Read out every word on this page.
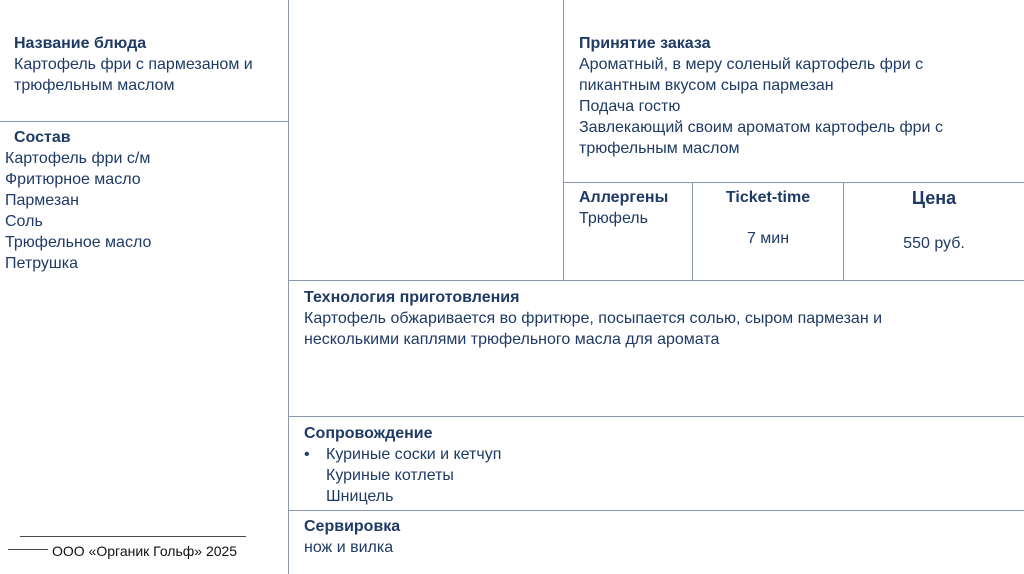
Название блюда
Картофель фри с пармезаном и
трюфельным маслом
Состав
Картофель фри с/м
Фритюрное масло
Пармезан
Соль
Трюфельное масло
Петрушка
Принятие заказа
Ароматный, в меру соленый картофель фри с
пикантным вкусом сыра пармезан
Подача гостю
Завлекающий своим ароматом картофель фри с
трюфельным маслом
Аллергены
Трюфель
Ticket-time
7 мин
Цена
550 руб.
Технология приготовления
Картофель обжаривается во фритюре, посыпается солью, сыром пармезан и
несколькими каплями трюфельного масла для аромата
Сопровождение
•	Куриные соски и кетчуп
Куриные котлеты
Шницель
Сервировка
нож и вилка
ООО «Органик Гольф» 2025
